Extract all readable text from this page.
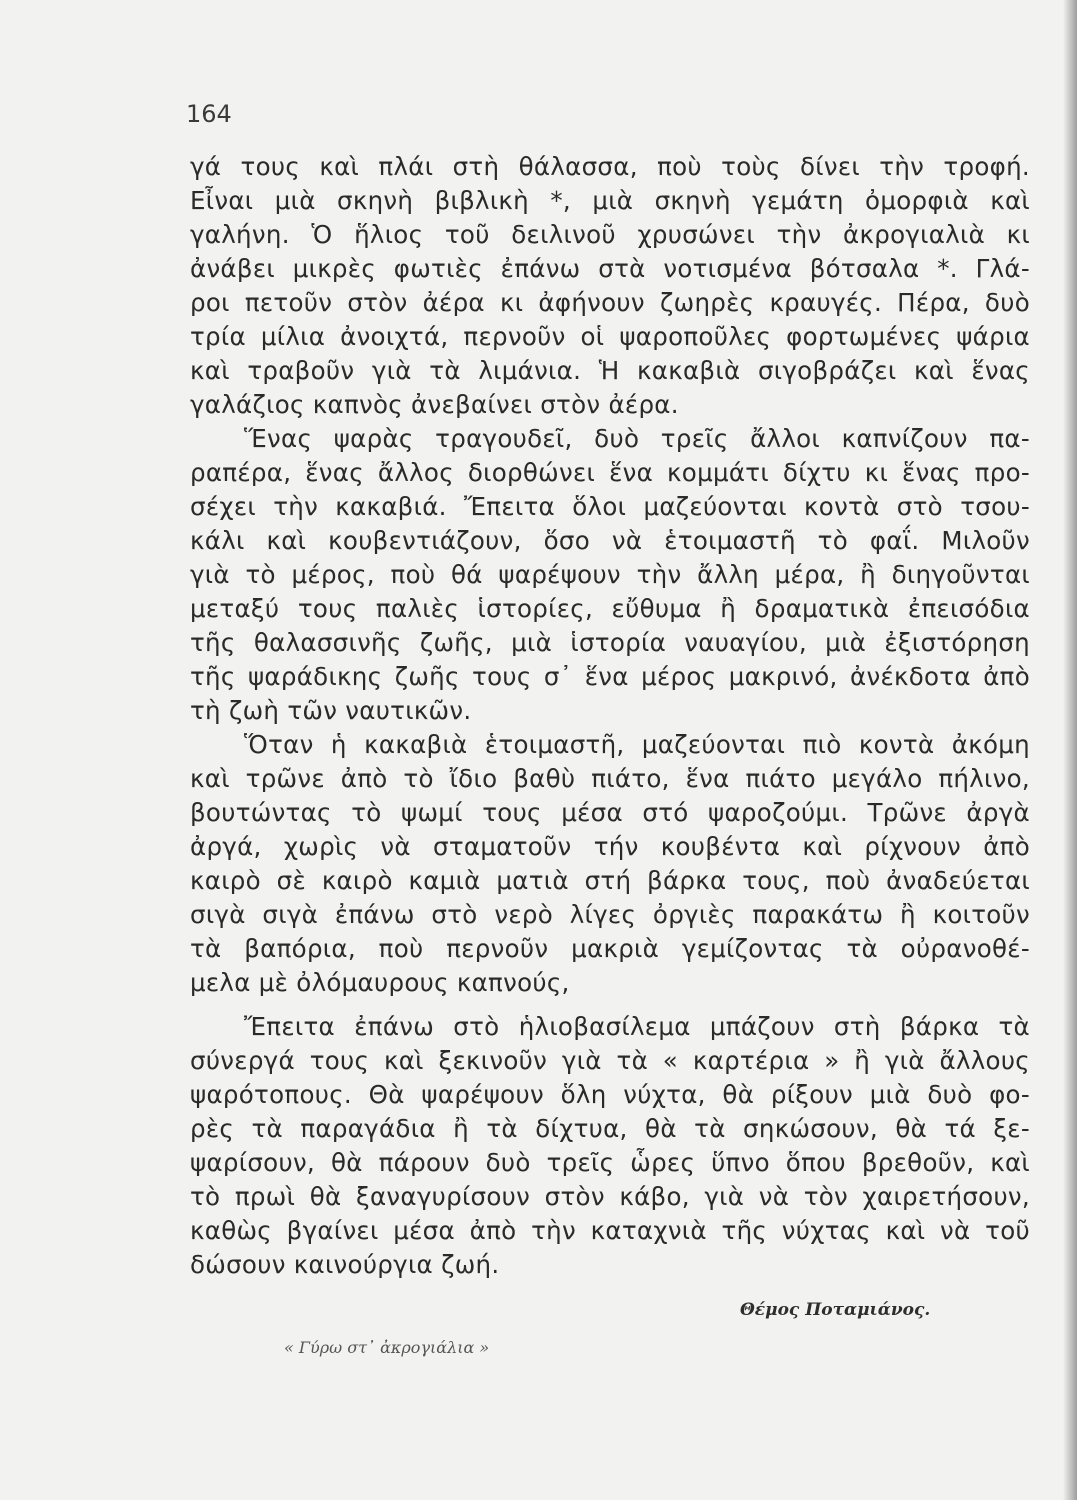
164
γά τους καὶ πλάι στὴ θάλασσα, ποὺ τοὺς δίνει τὴν τροφή.
Εἶναι μιὰ σκηνὴ βιβλικὴ *, μιὰ σκηνὴ γεμάτη ὀμορφιὰ καὶ
γαλήνη. Ὁ ἥλιος τοῦ δειλινοῦ χρυσώνει τὴν ἀκρογιαλιὰ κι
ἀνάβει μικρὲς φωτιὲς ἐπάνω στὰ νοτισμένα βότσαλα *. Γλά-
ροι πετοῦν στὸν ἀέρα κι ἀφήνουν ζωηρὲς κραυγές. Πέρα, δυὸ
τρία μίλια ἀνοιχτά, περνοῦν οἱ ψαροποῦλες φορτωμένες ψάρια
καὶ τραβοῦν γιὰ τὰ λιμάνια. Ἡ κακαβιὰ σιγοβράζει καὶ ἕνας
γαλάζιος καπνὸς ἀνεβαίνει στὸν ἀέρα.
Ἕνας ψαρὰς τραγουδεῖ, δυὸ τρεῖς ἄλλοι καπνίζουν πα-
ραπέρα, ἕνας ἄλλος διορθώνει ἕνα κομμάτι δίχτυ κι ἕνας προ-
σέχει τὴν κακαβιά. Ἔπειτα ὅλοι μαζεύονται κοντὰ στὸ τσου-
κάλι καὶ κουβεντιάζουν, ὅσο νὰ ἑτοιμαστῆ τὸ φαΐ. Μιλοῦν
γιὰ τὸ μέρος, ποὺ θά ψαρέψουν τὴν ἄλλη μέρα, ἢ διηγοῦνται
μεταξύ τους παλιὲς ἱστορίες, εὔθυμα ἢ δραματικὰ ἐπεισόδια
τῆς θαλασσινῆς ζωῆς, μιὰ ἱστορία ναυαγίου, μιὰ ἐξιστόρηση
τῆς ψαράδικης ζωῆς τους σ᾽ ἕνα μέρος μακρινό, ἀνέκδοτα ἀπὸ
τὴ ζωὴ τῶν ναυτικῶν.
Ὅταν ἡ κακαβιὰ ἑτοιμαστῆ, μαζεύονται πιὸ κοντὰ ἀκόμη
καὶ τρῶνε ἀπὸ τὸ ἴδιο βαθὺ πιάτο, ἕνα πιάτο μεγάλο πήλινο,
βουτώντας τὸ ψωμί τους μέσα στό ψαροζούμι. Τρῶνε ἀργὰ
ἀργά, χωρὶς νὰ σταματοῦν τήν κουβέντα καὶ ρίχνουν ἀπὸ
καιρὸ σὲ καιρὸ καμιὰ ματιὰ στή βάρκα τους, ποὺ ἀναδεύεται
σιγὰ σιγὰ ἐπάνω στὸ νερὸ λίγες ὀργιὲς παρακάτω ἢ κοιτοῦν
τὰ βαπόρια, ποὺ περνοῦν μακριὰ γεμίζοντας τὰ οὐρανοθέ-
μελα μὲ ὀλόμαυρους καπνούς,
Ἔπειτα ἐπάνω στὸ ἡλιοβασίλεμα μπάζουν στὴ βάρκα τὰ
σύνεργά τους καὶ ξεκινοῦν γιὰ τὰ « καρτέρια » ἢ γιὰ ἄλλους
ψαρότοπους. Θὰ ψαρέψουν ὅλη νύχτα, θὰ ρίξουν μιὰ δυὸ φο-
ρὲς τὰ παραγάδια ἢ τὰ δίχτυα, θὰ τὰ σηκώσουν, θὰ τά ξε-
ψαρίσουν, θὰ πάρουν δυὸ τρεῖς ὧρες ὕπνο ὅπου βρεθοῦν, καὶ
τὸ πρωὶ θὰ ξαναγυρίσουν στὸν κάβο, γιὰ νὰ τὸν χαιρετήσουν,
καθὼς βγαίνει μέσα ἀπὸ τὴν καταχνιὰ τῆς νύχτας καὶ νὰ τοῦ
δώσουν καινούργια ζωή.
Θέμος Ποταμιάνος.
« Γύρω στ᾽ ἀκρογιάλια »
